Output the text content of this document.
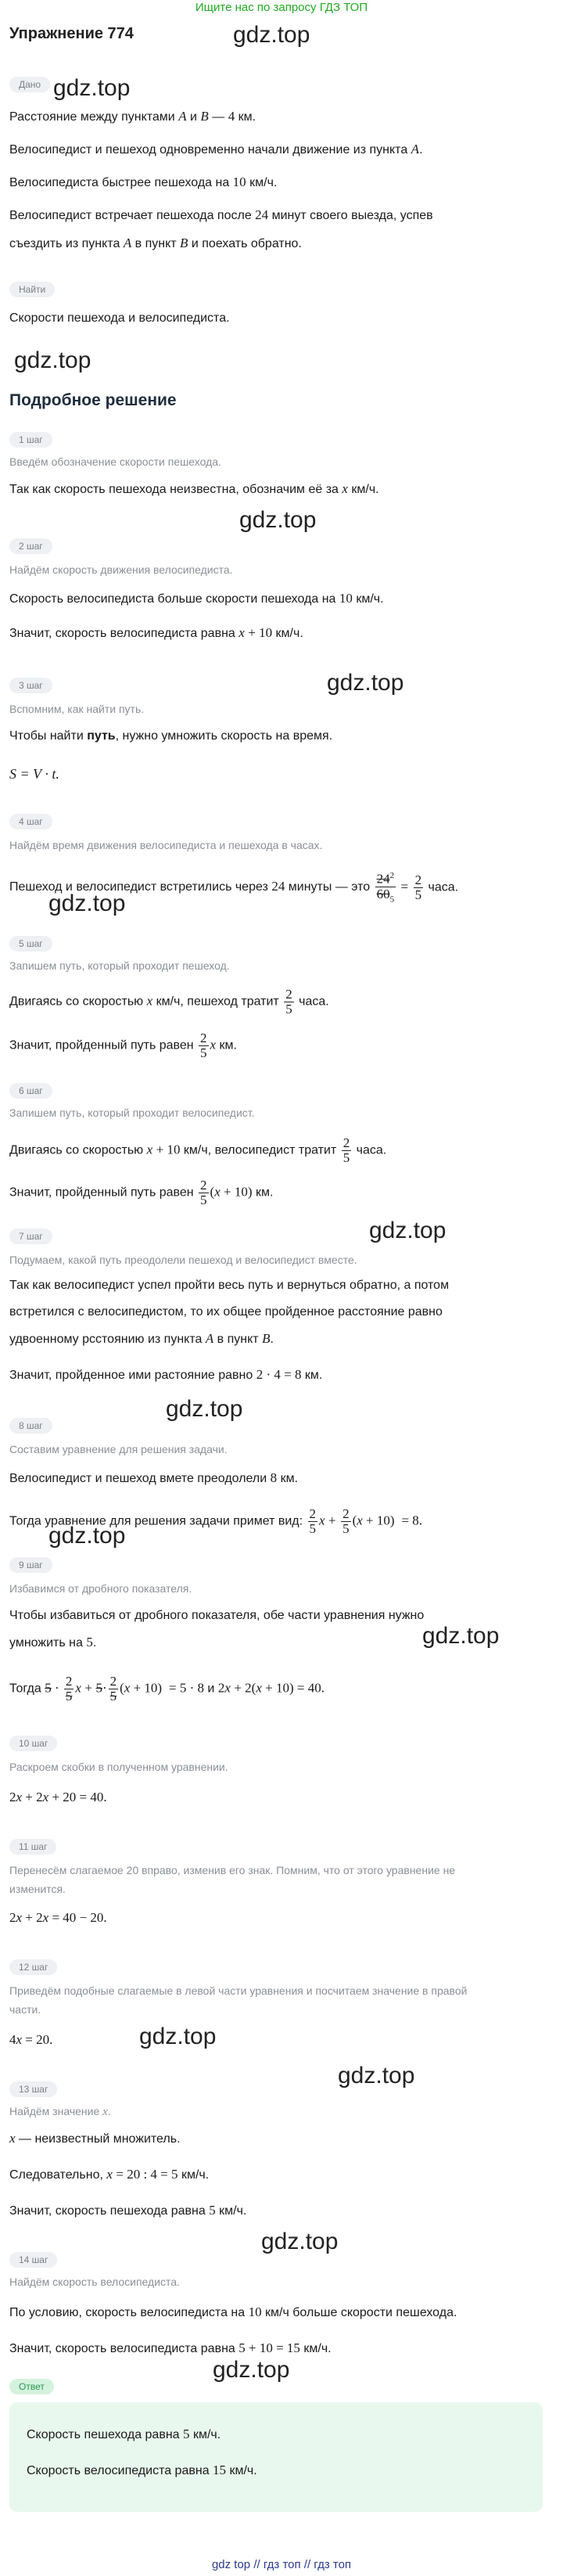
Ищите нас по запросу ГДЗ ТОП
Упражнение 774	gdz.top
Дано gdz.top
Расстояние между пунктами A и B — 4 км.
Велосипедист и пешеход одновременно начали движение из пункта A.
Велосипедиста быстрее пешехода на 10 км/ч.
Велосипедист встречает пешехода после 24 минут своего выезда, успев
съездить из пункта A в пункт B и поехать обратно.
Найти
Скорости пешехода и велосипедиста.
gdz.top
Подробное решение
1 шаг
Введём обозначение скорости пешехода.
Так как скорость пешехода неизвестна, обозначим её за x км/ч.
gdz.top
2 шаг
Найдём скорость движения велосипедиста.
Скорость велосипедиста больше скорости пешехода на 10 км/ч.
Значит, скорость велосипедиста равна x + 10 км/ч.
gdz.top
3 шаг
Вспомним, как найти путь.
Чтобы найти путь, нужно умножить скорость на время.
S = V · t.
4 шаг
Найдём время движения велосипедиста и пешехода в часах.
Пешеход и велосипедист встретились через 24 минуты — это $\frac{24^2}{60_5} = \frac{2}{5}$ часа.
gdz.top
5 шаг
Запишем путь, который проходит пешеход.
Двигаясь со скоростью x км/ч, пешеход тратит $\frac{2}{5}$ часа.
Значит, пройденный путь равен $\frac{2}{5}$ x км.
6 шаг
Запишем путь, который проходит велосипедист.
Двигаясь со скоростью x + 10 км/ч, велосипедист тратит $\frac{2}{5}$ часа.
Значит, пройденный путь равен $\frac{2}{5} (x + 10)$ км.
gdz.top
7 шаг
Подумаем, какой путь преодолели пешеход и велосипедист вместе.
Так как велосипедист успел пройти весь путь и вернуться обратно, а потом
встретился с велосипедистом, то их общее пройденное расстояние равно
удвоенному рсстоянию из пункта A в пункт B.
Значит, пройденное ими растояние равно 2 · 4 = 8 км.
gdz.top
8 шаг
Составим уравнение для решения задачи.
Велосипедист и пешеход вмете преодолели 8 км.
Тогда уравнение для решения задачи примет вид: $\frac{2}{5}$ $x + \frac{2}{5} (x + 10) = 8$.
gdz.top
9 шаг
Избавимся от дробного показателя.
Чтобы избавиться от дробного показателя, обе части уравнения нужно
умножить на 5.	gdz.top
Тогда $5 \cdot \frac{2}{5}$ $x + 5\cdot \frac{2}{5} (x + 10) = 5 \cdot 8$ и 2x + 2(x + 10) = 40.
10 шаг
Раскроем скобки в полученном уравнении.
2x + 2x + 20 = 40.
11 шаг
Перенесём слагаемое 20 вправо, изменив его знак. Помним, что от этого уравнение не
изменится.
2x + 2x = 40 − 20.
12 шаг
Приведём подобные слагаемые в левой части уравнения и посчитаем значение в правой
части.
4x = 20.	gdz.top
gdz.top
13 шаг
Найдём значение x.
x — неизвестный множитель.
Следовательно, x = 20 : 4 = 5 км/ч.
Значит, скорость пешехода равна 5 км/ч.
gdz.top
14 шаг
Найдём скорость велосипедиста.
По условию, скорость велосипедиста на 10 км/ч больше скорости пешехода.
Значит, скорость велосипедиста равна 5 + 10 = 15 км/ч.
gdz.top
Ответ
Скорость пешехода равна 5 км/ч.
Скорость велосипедиста равна 15 км/ч.
gdz top // гдз топ // гдз топ
